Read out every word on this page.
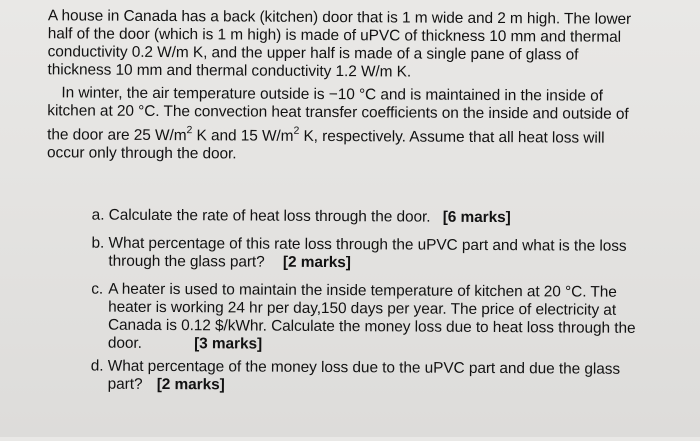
A house in Canada has a back (kitchen) door that is 1 m wide and 2 m high. The lower
half of the door (which is 1 m high) is made of uPVC of thickness 10 mm and thermal
conductivity 0.2 W/m K, and the upper half is made of a single pane of glass of
thickness 10 mm and thermal conductivity 1.2 W/m K.
In winter, the air temperature outside is −10 °C and is maintained in the inside of
kitchen at 20 °C. The convection heat transfer coefficients on the inside and outside of
the door are 25 $W/m^2$ K and 15 $W/m^2$ K, respectively. Assume that all heat loss will
occur only through the door.
a. Calculate the rate of heat loss through the door. [6 marks]
b. What percentage of this rate loss through the uPVC part and what is the loss
through the glass part? [2 marks]
c. A heater is used to maintain the inside temperature of kitchen at 20 °C. The
heater is working 24 hr per day,150 days per year. The price of electricity at
Canada is 0.12 $/kWhr. Calculate the money loss due to heat loss through the
door.	[3 marks]
d. What percentage of the money loss due to the uPVC part and due the glass
part? [2 marks]
